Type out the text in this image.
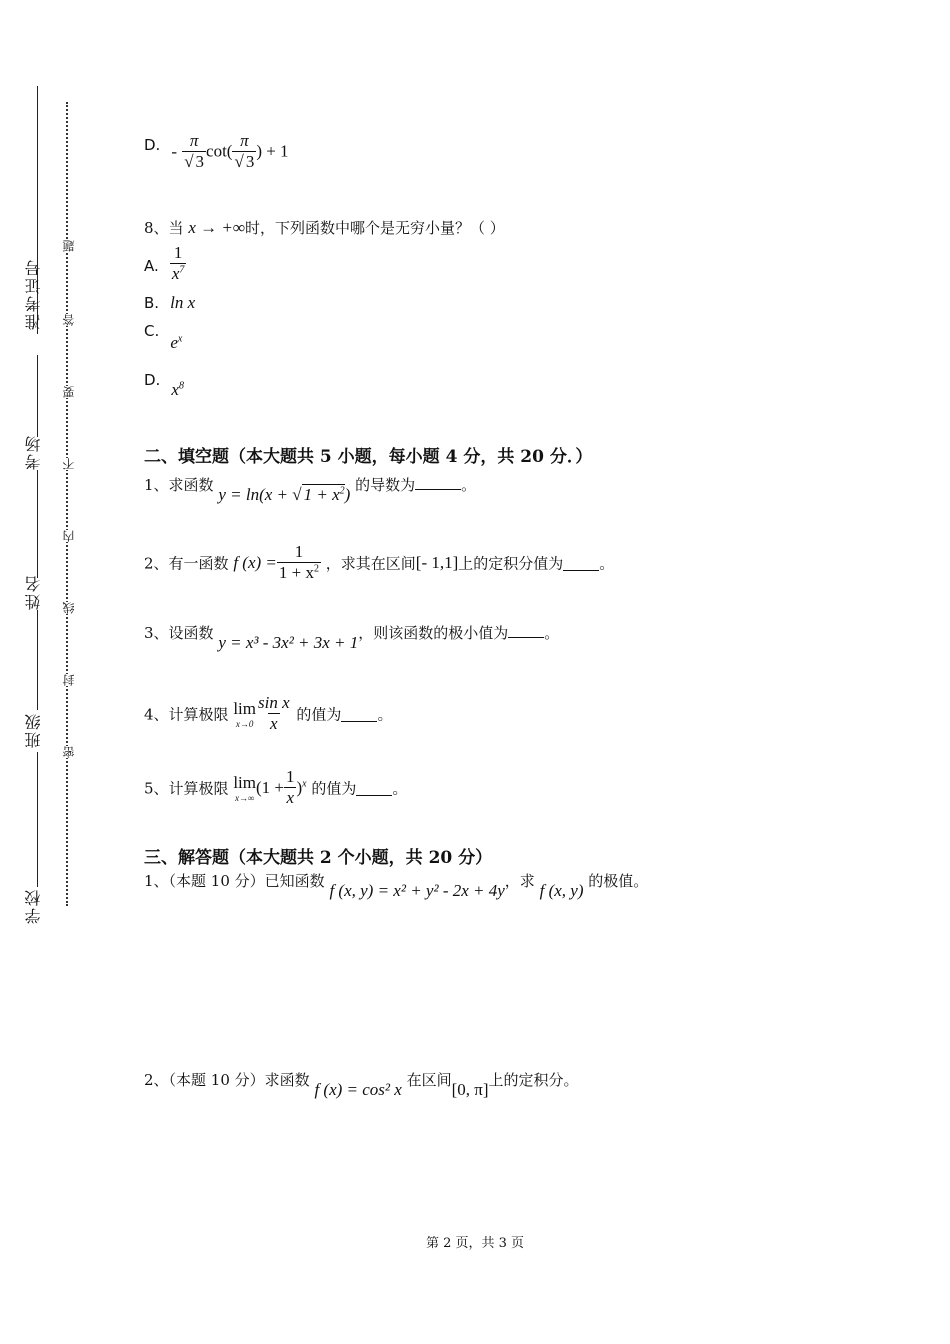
准考证号
考场
姓名
班级
学校
题
答
要
不
内
线
封
密
D. - $\frac{\pi}{√ 3} \cot( \frac{\pi}{√ 3}$ ) + 1
8、当 x → +∞时，下列函数中哪个是无穷小量？（ ）
A. $\frac{1}{x^7}$
B. ln x
C. $e^x$
D. $x^8$
二、填空题（本大题共 5 小题，每小题 4 分，共 20 分．）
1、求函数 y = ln(x + √ $1 + x^2$) 的导数为	。
2、有一函数 f $(x) = \frac{1}{1 + x^2}$ ，求其在区间[- 1,1]上的定积分值为 。
3、设函数 y = x³ - 3x² + 3x + 1，则该函数的极小值为 。
4、计算极限 lim
$x\to 0 \frac{\text{sin x}}{x}$ 的值为 。
5、计算极限 lim
x→∞
$(1 + \frac{1}{x} )^x$ 的值为 。
三、解答题（本大题共 2 个小题，共 20 分）
1、（本题 10 分）已知函数 f (x, y) = x² + y² - 2x + 4y，求 f (x, y) 的极值。
2、（本题 10 分）求函数 f (x) = cos² x 在区间[0, π]上的定积分。
第 2 页，共 3 页
